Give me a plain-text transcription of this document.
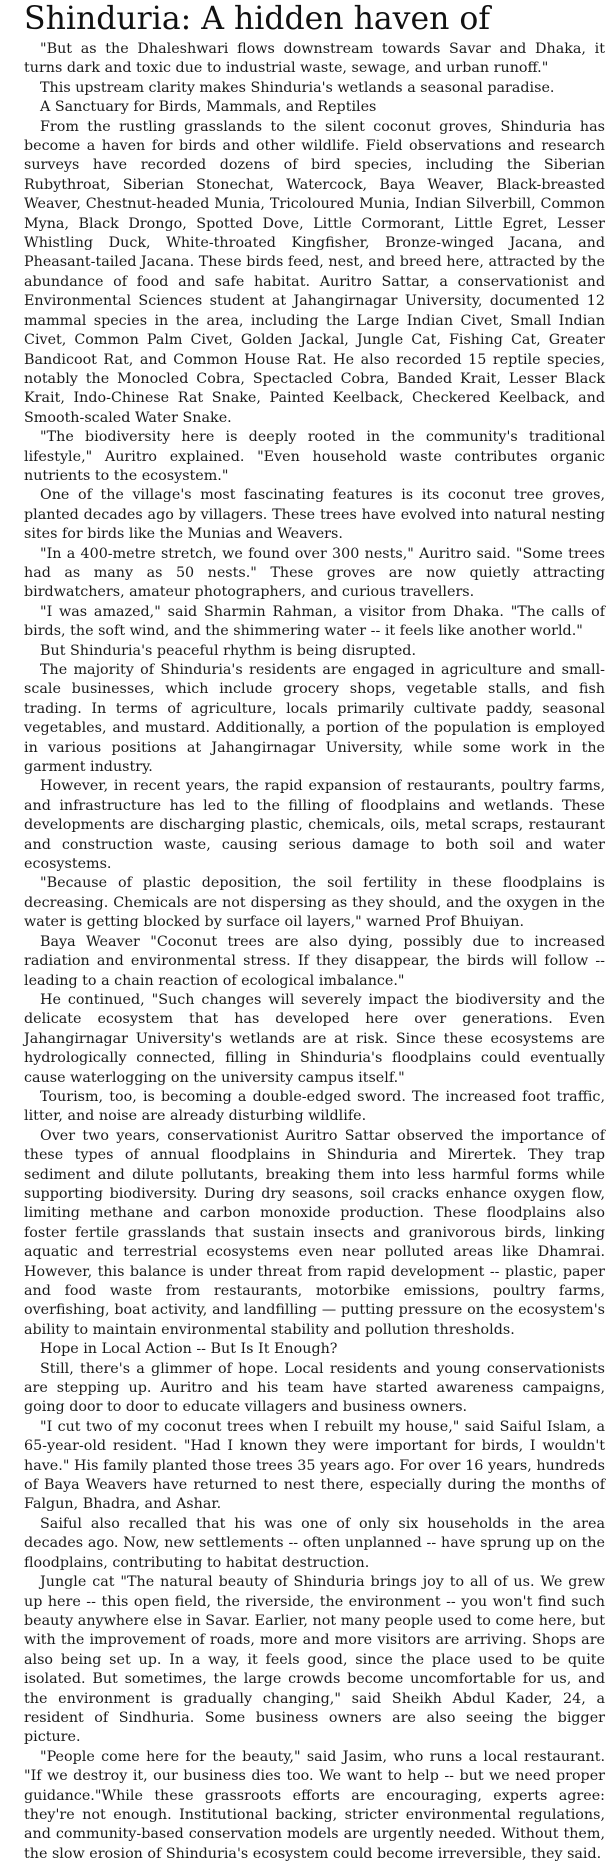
Shinduria: A hidden haven of

"But as the Dhaleshwari flows downstream towards Savar and Dhaka, it turns dark and toxic due to industrial waste, sewage, and urban runoff."

This upstream clarity makes Shinduria's wetlands a seasonal paradise.

A Sanctuary for Birds, Mammals, and Reptiles

From the rustling grasslands to the silent coconut groves, Shinduria has become a haven for birds and other wildlife. Field observations and research surveys have recorded dozens of bird species, including the Siberian Rubythroat, Siberian Stonechat, Watercock, Baya Weaver, Black-breasted Weaver, Chestnut-headed Munia, Tricoloured Munia, Indian Silverbill, Common Myna, Black Drongo, Spotted Dove, Little Cormorant, Little Egret, Lesser Whistling Duck, White-throated Kingfisher, Bronze-winged Jacana, and Pheasant-tailed Jacana. These birds feed, nest, and breed here, attracted by the abundance of food and safe habitat. Auritro Sattar, a conservationist and Environmental Sciences student at Jahangirnagar University, documented 12 mammal species in the area, including the Large Indian Civet, Small Indian Civet, Common Palm Civet, Golden Jackal, Jungle Cat, Fishing Cat, Greater Bandicoot Rat, and Common House Rat. He also recorded 15 reptile species, notably the Monocled Cobra, Spectacled Cobra, Banded Krait, Lesser Black Krait, Indo-Chinese Rat Snake, Painted Keelback, Checkered Keelback, and Smooth-scaled Water Snake.

"The biodiversity here is deeply rooted in the community's traditional lifestyle," Auritro explained. "Even household waste contributes organic nutrients to the ecosystem."

One of the village's most fascinating features is its coconut tree groves, planted decades ago by villagers. These trees have evolved into natural nesting sites for birds like the Munias and Weavers.

"In a 400-metre stretch, we found over 300 nests," Auritro said. "Some trees had as many as 50 nests." These groves are now quietly attracting birdwatchers, amateur photographers, and curious travellers.

"I was amazed," said Sharmin Rahman, a visitor from Dhaka. "The calls of birds, the soft wind, and the shimmering water -- it feels like another world."

But Shinduria's peaceful rhythm is being disrupted.

The majority of Shinduria's residents are engaged in agriculture and small-scale businesses, which include grocery shops, vegetable stalls, and fish trading. In terms of agriculture, locals primarily cultivate paddy, seasonal vegetables, and mustard. Additionally, a portion of the population is employed in various positions at Jahangirnagar University, while some work in the garment industry.

However, in recent years, the rapid expansion of restaurants, poultry farms, and infrastructure has led to the filling of floodplains and wetlands. These developments are discharging plastic, chemicals, oils, metal scraps, restaurant and construction waste, causing serious damage to both soil and water ecosystems.

"Because of plastic deposition, the soil fertility in these floodplains is decreasing. Chemicals are not dispersing as they should, and the oxygen in the water is getting blocked by surface oil layers," warned Prof Bhuiyan.

Baya Weaver "Coconut trees are also dying, possibly due to increased radiation and environmental stress. If they disappear, the birds will follow -- leading to a chain reaction of ecological imbalance."

He continued, "Such changes will severely impact the biodiversity and the delicate ecosystem that has developed here over generations. Even Jahangirnagar University's wetlands are at risk. Since these ecosystems are hydrologically connected, filling in Shinduria's floodplains could eventually cause waterlogging on the university campus itself."

Tourism, too, is becoming a double-edged sword. The increased foot traffic, litter, and noise are already disturbing wildlife.

Over two years, conservationist Auritro Sattar observed the importance of these types of annual floodplains in Shinduria and Mirertek. They trap sediment and dilute pollutants, breaking them into less harmful forms while supporting biodiversity. During dry seasons, soil cracks enhance oxygen flow, limiting methane and carbon monoxide production. These floodplains also foster fertile grasslands that sustain insects and granivorous birds, linking aquatic and terrestrial ecosystems even near polluted areas like Dhamrai. However, this balance is under threat from rapid development -- plastic, paper and food waste from restaurants, motorbike emissions, poultry farms, overfishing, boat activity, and landfilling — putting pressure on the ecosystem's ability to maintain environmental stability and pollution thresholds.

Hope in Local Action -- But Is It Enough?

Still, there's a glimmer of hope. Local residents and young conservationists are stepping up. Auritro and his team have started awareness campaigns, going door to door to educate villagers and business owners.

"I cut two of my coconut trees when I rebuilt my house," said Saiful Islam, a 65-year-old resident. "Had I known they were important for birds, I wouldn't have." His family planted those trees 35 years ago. For over 16 years, hundreds of Baya Weavers have returned to nest there, especially during the months of Falgun, Bhadra, and Ashar.

Saiful also recalled that his was one of only six households in the area decades ago. Now, new settlements -- often unplanned -- have sprung up on the floodplains, contributing to habitat destruction.

Jungle cat "The natural beauty of Shinduria brings joy to all of us. We grew up here -- this open field, the riverside, the environment -- you won't find such beauty anywhere else in Savar. Earlier, not many people used to come here, but with the improvement of roads, more and more visitors are arriving. Shops are also being set up. In a way, it feels good, since the place used to be quite isolated. But sometimes, the large crowds become uncomfortable for us, and the environment is gradually changing," said Sheikh Abdul Kader, 24, a resident of Sindhuria. Some business owners are also seeing the bigger picture.

"People come here for the beauty," said Jasim, who runs a local restaurant. "If we destroy it, our business dies too. We want to help -- but we need proper guidance."While these grassroots efforts are encouraging, experts agree: they're not enough. Institutional backing, stricter environmental regulations, and community-based conservation models are urgently needed. Without them, the slow erosion of Shinduria's ecosystem could become irreversible, they said.
